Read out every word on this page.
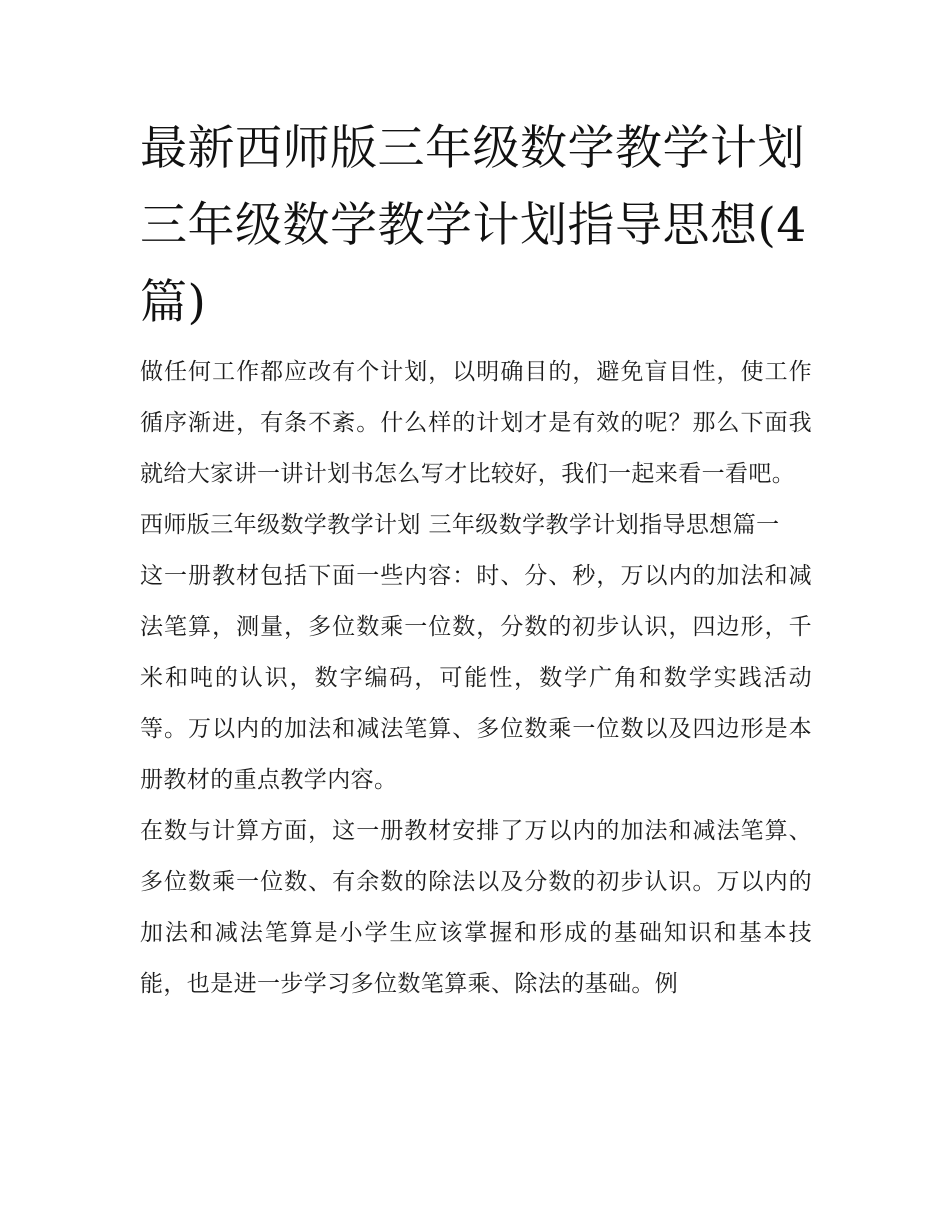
最新西师版三年级数学教学计划 三年级数学教学计划指导思想(4篇)

做任何工作都应改有个计划，以明确目的，避免盲目性，使工作循序渐进，有条不紊。什么样的计划才是有效的呢？那么下面我就给大家讲一讲计划书怎么写才比较好，我们一起来看一看吧。

西师版三年级数学教学计划 三年级数学教学计划指导思想篇一

这一册教材包括下面一些内容：时、分、秒，万以内的加法和减法笔算，测量，多位数乘一位数，分数的初步认识，四边形，千米和吨的认识，数字编码，可能性，数学广角和数学实践活动等。万以内的加法和减法笔算、多位数乘一位数以及四边形是本册教材的重点教学内容。

在数与计算方面，这一册教材安排了万以内的加法和减法笔算、多位数乘一位数、有余数的除法以及分数的初步认识。万以内的加法和减法笔算是小学生应该掌握和形成的基础知识和基本技能，也是进一步学习多位数笔算乘、除法的基础。例
